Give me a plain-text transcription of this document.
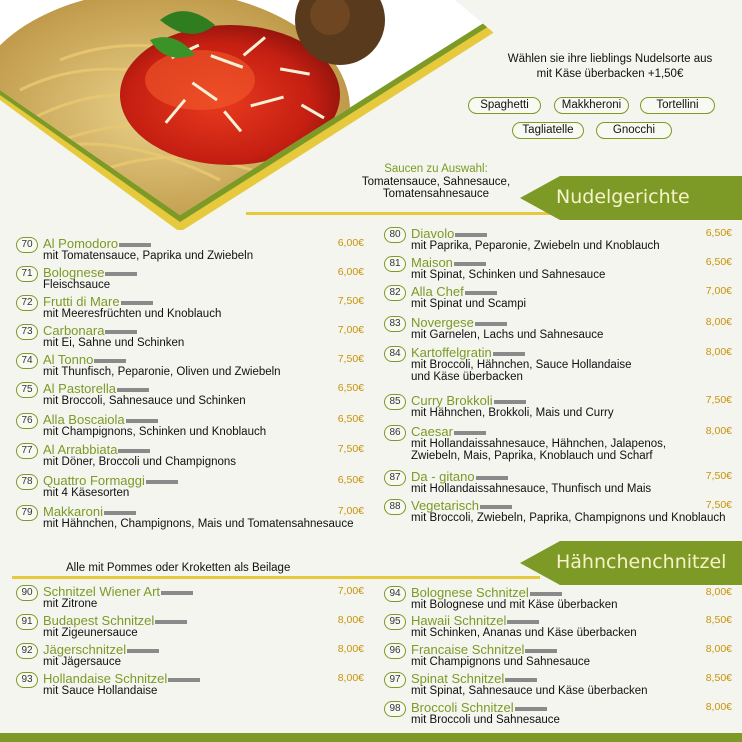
Wählen sie ihre lieblings Nudelsorte aus
mit Käse überbacken +1,50€
Spaghetti	Makkheroni	Tortellini
Tagliatelle	Gnocchi
Saucen zu Auswahl:
Tomatensauce, Sahnesauce,
Tomatensahnesauce	Nudelgerichte
70 Al Pomodoro
mit Tomatensauce, Paprika und Zwiebeln
6,00€
71 Bolognese
Fleischsauce
6,00€
72 Frutti di Mare
mit Meeresfrüchten und Knoblauch
7,50€
73 Carbonara
mit Ei, Sahne und Schinken
7,00€
74 Al Tonno
mit Thunfisch, Peparonie, Oliven und Zwiebeln
7,50€
75 Al Pastorella
mit Broccoli, Sahnesauce und Schinken
6,50€
76 Alla Boscaiola
mit Champignons, Schinken und Knoblauch
6,50€
77 Al Arrabbiata
mit Döner, Broccoli und Champignons
7,50€
78 Quattro Formaggi
mit 4 Käsesorten
6,50€
79 Makkaroni
mit Hähnchen, Champignons, Mais und Tomatensahnesauce
7,00€
80 Diavolo
mit Paprika, Peparonie, Zwiebeln und Knoblauch
6,50€
81 Maison
mit Spinat, Schinken und Sahnesauce
6,50€
82 Alla Chef
mit Spinat und Scampi
7,00€
83 Novergese
mit Garnelen, Lachs und Sahnesauce
8,00€
84 Kartoffelgratin
mit Broccoli, Hähnchen, Sauce Hollandaise
und Käse überbacken
8,00€
85 Curry Brokkoli
mit Hähnchen, Brokkoli, Mais und Curry
7,50€
86 Caesar
mit Hollandaissahnesauce, Hähnchen, Jalapenos,
Zwiebeln, Mais, Paprika, Knoblauch und Scharf
8,00€
87 Da - gitano
mit Hollandaissahnesauce, Thunfisch und Mais
7,50€
88 Vegetarisch
mit Broccoli, Zwiebeln, Paprika, Champignons und Knoblauch
7,50€
Hähnchenchnitzel
Alle mit Pommes oder Kroketten als Beilage
90 Schnitzel Wiener Art
mit Zitrone
7,00€
91 Budapest Schnitzel
mit Zigeunersauce
8,00€
92 Jägerschnitzel
mit Jägersauce
8,00€
93 Hollandaise Schnitzel
mit Sauce Hollandaise
8,00€
94 Bolognese Schnitzel
mit Bolognese und mit Käse überbacken
8,00€
95 Hawaii Schnitzel
mit Schinken, Ananas und Käse überbacken
8,50€
96 Francaise Schnitzel
mit Champignons und Sahnesauce
8,00€
97 Spinat Schnitzel
mit Spinat, Sahnesauce und Käse überbacken
8,50€
98 Broccoli Schnitzel
mit Broccoli und Sahnesauce
8,00€
